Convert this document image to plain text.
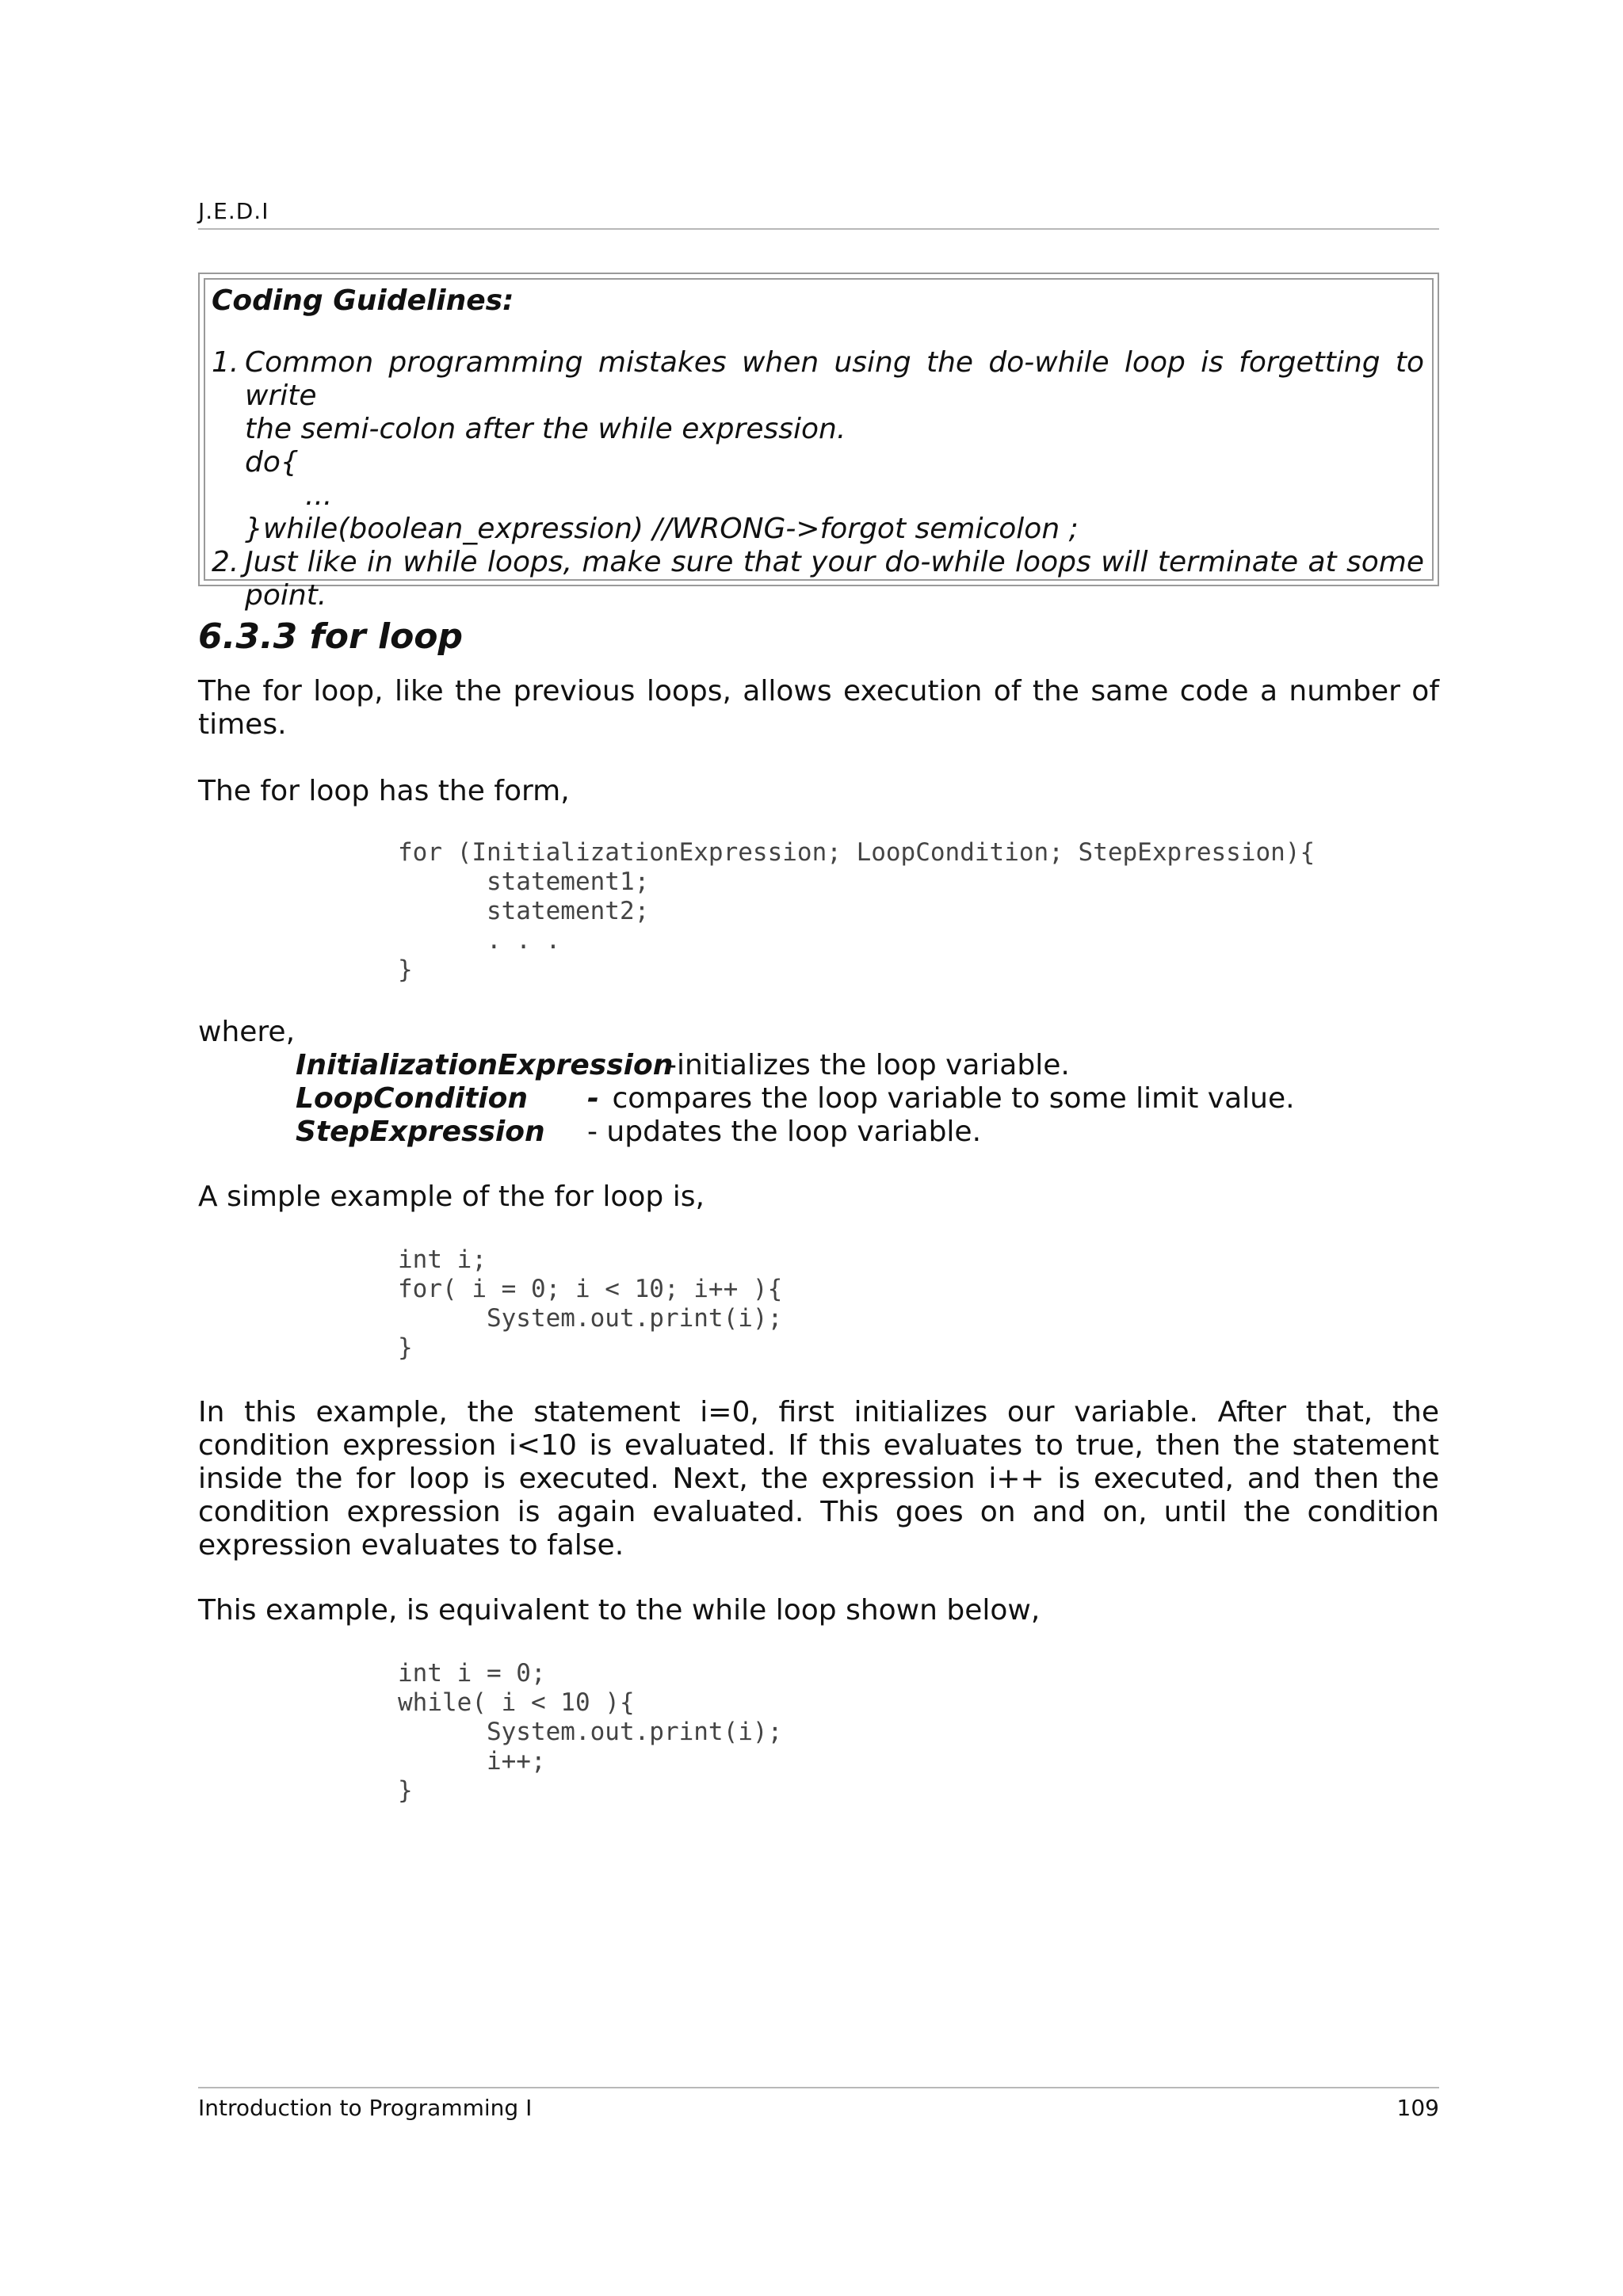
J.E.D.I
Coding Guidelines:
1. Common programming mistakes when using the do-while loop is forgetting to write
the semi-colon after the while expression.
do{
...
}while(boolean_expression) //WRONG->forgot semicolon ;
2. Just like in while loops, make sure that your do-while loops will terminate at some
point.
6.3.3 for loop
The for loop, like the previous loops, allows execution of the same code a number of times.
The for loop has the form,
for (InitializationExpression; LoopCondition; StepExpression){
statement1;
statement2;
. . .
}
where,
InitializationExpression
-initializes the loop variable.
LoopCondition - compares the loop variable to some limit value.
StepExpression - updates the loop variable.
A simple example of the for loop is,
int i;
for( i = 0; i < 10; i++ ){
System.out.print(i);
}
In this example, the statement i=0, first initializes our variable. After that, the condition expression i<10 is evaluated. If this evaluates to true, then the statement inside the for loop is executed. Next, the expression i++ is executed, and then the condition expression is again evaluated. This goes on and on, until the condition expression evaluates to false.
This example, is equivalent to the while loop shown below,
int i = 0;
while( i < 10 ){
System.out.print(i);
i++;
}
Introduction to Programming I	109
